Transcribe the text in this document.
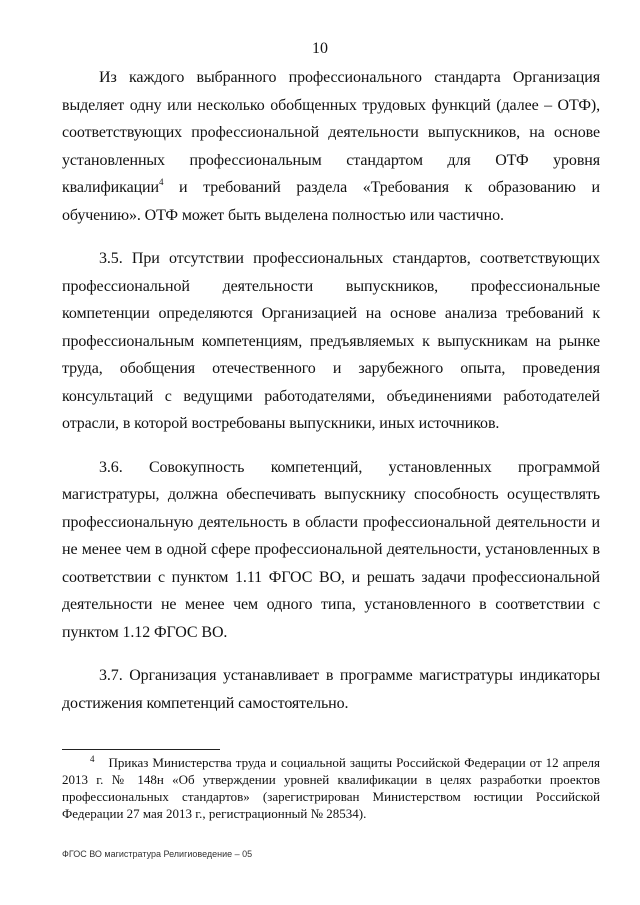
10

Из каждого выбранного профессионального стандарта Организация выделяет одну или несколько обобщенных трудовых функций (далее – ОТФ), соответствующих профессиональной деятельности выпускников, на основе установленных профессиональным стандартом для ОТФ уровня квалификации$^4$ и требований раздела «Требования к образованию и обучению». ОТФ может быть выделена полностью или частично.

3.5. При отсутствии профессиональных стандартов, соответствующих профессиональной деятельности выпускников, профессиональные компетенции определяются Организацией на основе анализа требований к профессиональным компетенциям, предъявляемых к выпускникам на рынке труда, обобщения отечественного и зарубежного опыта, проведения консультаций с ведущими работодателями, объединениями работодателей отрасли, в которой востребованы выпускники, иных источников.

3.6. Совокупность компетенций, установленных программой магистратуры, должна обеспечивать выпускнику способность осуществлять профессиональную деятельность в области профессиональной деятельности и не менее чем в одной сфере профессиональной деятельности, установленных в соответствии с пунктом 1.11 ФГОС ВО, и решать задачи профессиональной деятельности не менее чем одного типа, установленного в соответствии с пунктом 1.12 ФГОС ВО.

3.7. Организация устанавливает в программе магистратуры индикаторы достижения компетенций самостоятельно.

$^4$ Приказ Министерства труда и социальной защиты Российской Федерации от 12 апреля 2013 г. № 148н «Об утверждении уровней квалификации в целях разработки проектов профессиональных стандартов» (зарегистрирован Министерством юстиции Российской Федерации 27 мая 2013 г., регистрационный № 28534).

ФГОС ВО магистратура Религиоведение – 05
